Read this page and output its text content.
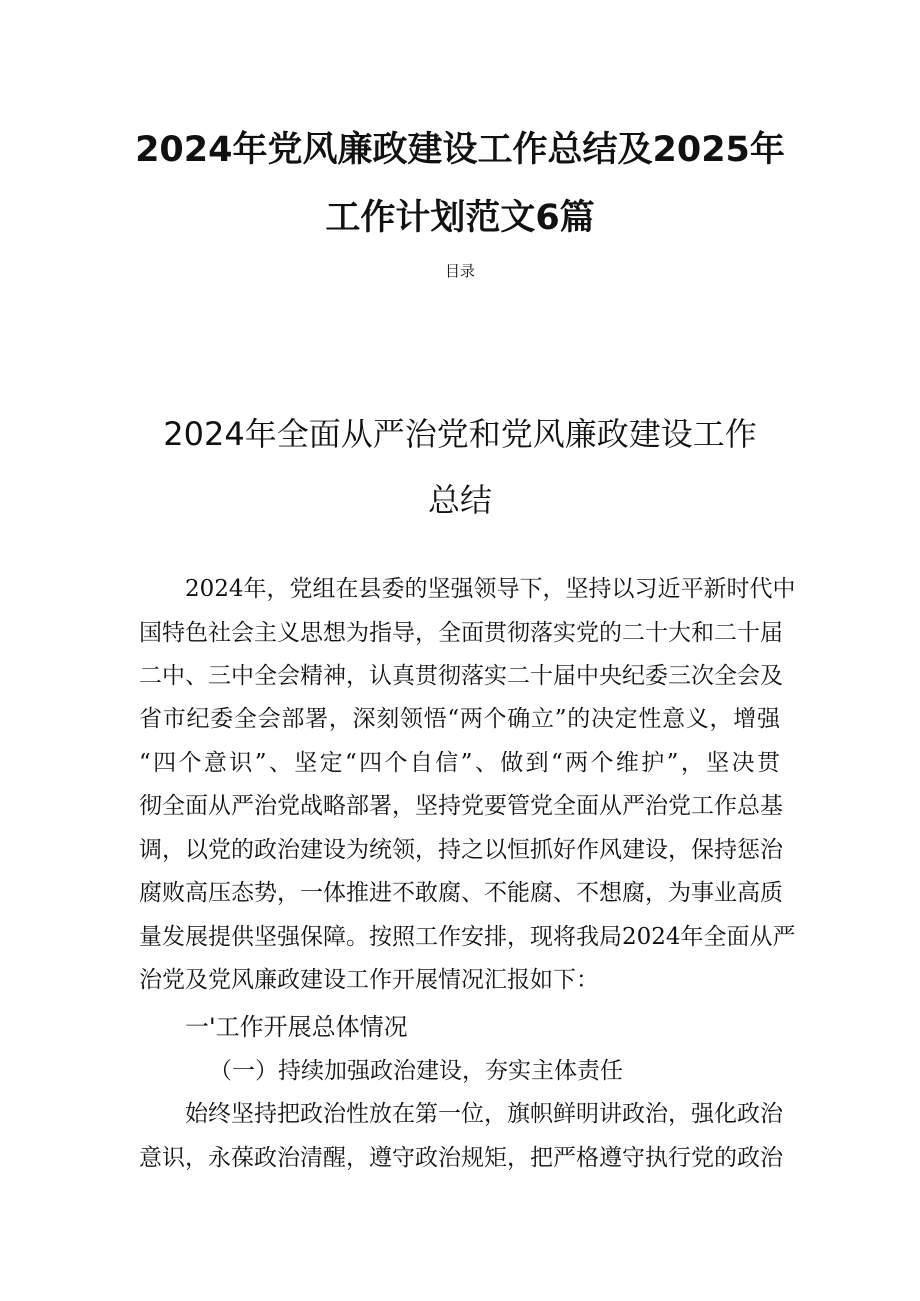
2024年党风廉政建设工作总结及2025年
工作计划范文6篇
目录
2024年全面从严治党和党风廉政建设工作
总结
2024年，党组在县委的坚强领导下，坚持以习近平新时代中
国特色社会主义思想为指导，全面贯彻落实党的二十大和二十届
二中、三中全会精神，认真贯彻落实二十届中央纪委三次全会及
省市纪委全会部署，深刻领悟“两个确立”的决定性意义，增强
“四个意识”、坚定“四个自信”、做到“两个维护”，坚决贯
彻全面从严治党战略部署，坚持党要管党全面从严治党工作总基
调，以党的政治建设为统领，持之以恒抓好作风建设，保持惩治
腐败高压态势，一体推进不敢腐、不能腐、不想腐，为事业高质
量发展提供坚强保障。按照工作安排，现将我局2024年全面从严
治党及党风廉政建设工作开展情况汇报如下：
一'工作开展总体情况
（一）持续加强政治建设，夯实主体责任
始终坚持把政治性放在第一位，旗帜鲜明讲政治，强化政治
意识，永葆政治清醒，遵守政治规矩，把严格遵守执行党的政治
